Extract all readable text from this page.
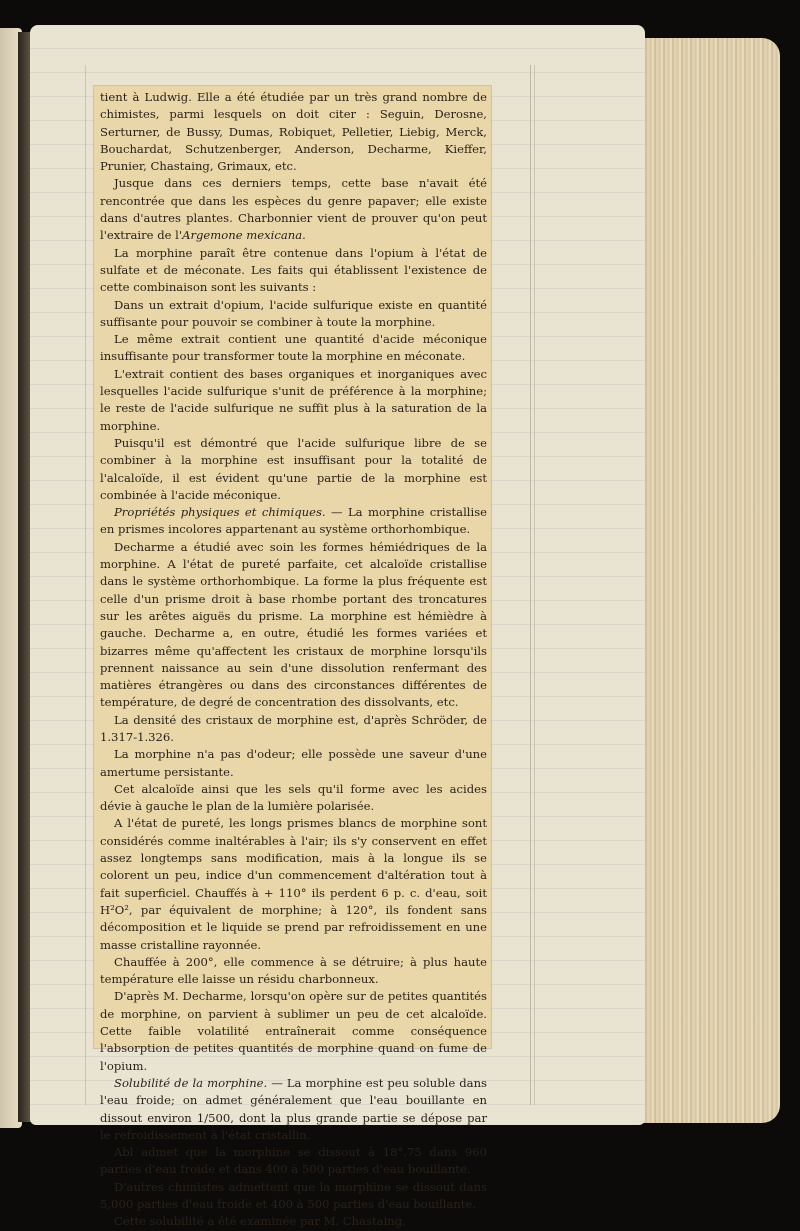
tient à Ludwig. Elle a été étudiée par un très grand nombre de chimistes, parmi lesquels on doit citer : Seguin, Derosne, Serturner, de Bussy, Dumas, Robiquet, Pelletier, Liebig, Merck, Bouchardat, Schutzenberger, Anderson, Decharme, Kieffer, Prunier, Chastaing, Grimaux, etc.

Jusque dans ces derniers temps, cette base n'avait été rencontrée que dans les espèces du genre papaver; elle existe dans d'autres plantes. Charbonnier vient de prouver qu'on peut l'extraire de l'Argemone mexicana.

La morphine paraît être contenue dans l'opium à l'état de sulfate et de méconate. Les faits qui établissent l'existence de cette combinaison sont les suivants :

Dans un extrait d'opium, l'acide sulfurique existe en quantité suffisante pour pouvoir se combiner à toute la morphine.

Le même extrait contient une quantité d'acide méconique insuffisante pour transformer toute la morphine en méconate.

L'extrait contient des bases organiques et inorganiques avec lesquelles l'acide sulfurique s'unit de préférence à la morphine; le reste de l'acide sulfurique ne suffit plus à la saturation de la morphine.

Puisqu'il est démontré que l'acide sulfurique libre de se combiner à la morphine est insuffisant pour la totalité de l'alcaloïde, il est évident qu'une partie de la morphine est combinée à l'acide méconique.

Propriétés physiques et chimiques. — La morphine cristallise en prismes incolores appartenant au système orthorhombique.

Decharme a étudié avec soin les formes hémiédriques de la morphine. A l'état de pureté parfaite, cet alcaloïde cristallise dans le système orthorhombique. La forme la plus fréquente est celle d'un prisme droit à base rhombe portant des troncatures sur les arêtes aiguës du prisme. La morphine est hémièdre à gauche. Decharme a, en outre, étudié les formes variées et bizarres même qu'affectent les cristaux de morphine lorsqu'ils prennent naissance au sein d'une dissolution renfermant des matières étrangères ou dans des circonstances différentes de température, de degré de concentration des dissolvants, etc.

La densité des cristaux de morphine est, d'après Schröder, de 1.317-1.326.

La morphine n'a pas d'odeur; elle possède une saveur d'une amertume persistante.

Cet alcaloïde ainsi que les sels qu'il forme avec les acides dévie à gauche le plan de la lumière polarisée.

A l'état de pureté, les longs prismes blancs de morphine sont considérés comme inaltérables à l'air; ils s'y conservent en effet assez longtemps sans modification, mais à la longue ils se colorent un peu, indice d'un commencement d'altération tout à fait superficiel. Chauffés à + 110° ils perdent 6 p. c. d'eau, soit H²O², par équivalent de morphine; à 120°, ils fondent sans décomposition et le liquide se prend par refroidissement en une masse cristalline rayonnée.

Chauffée à 200°, elle commence à se détruire; à plus haute température elle laisse un résidu charbonneux.

D'après M. Decharme, lorsqu'on opère sur de petites quantités de morphine, on parvient à sublimer un peu de cet alcaloïde. Cette faible volatilité entraînerait comme conséquence l'absorption de petites quantités de morphine quand on fume de l'opium.

Solubilité de la morphine. — La morphine est peu soluble dans l'eau froide; on admet généralement que l'eau bouillante en dissout environ 1/500, dont la plus grande partie se dépose par le refroidissement à l'état cristallin.

Abl admet que la morphine se dissout à 18°.75 dans 960 parties d'eau froide et dans 400 à 500 parties d'eau bouillante.

D'autres chimistes admettent que la morphine se dissout dans 5,000 parties d'eau froide et 400 à 500 parties d'eau bouillante.

Cette solubilité a été examinée par M. Chastaing.
